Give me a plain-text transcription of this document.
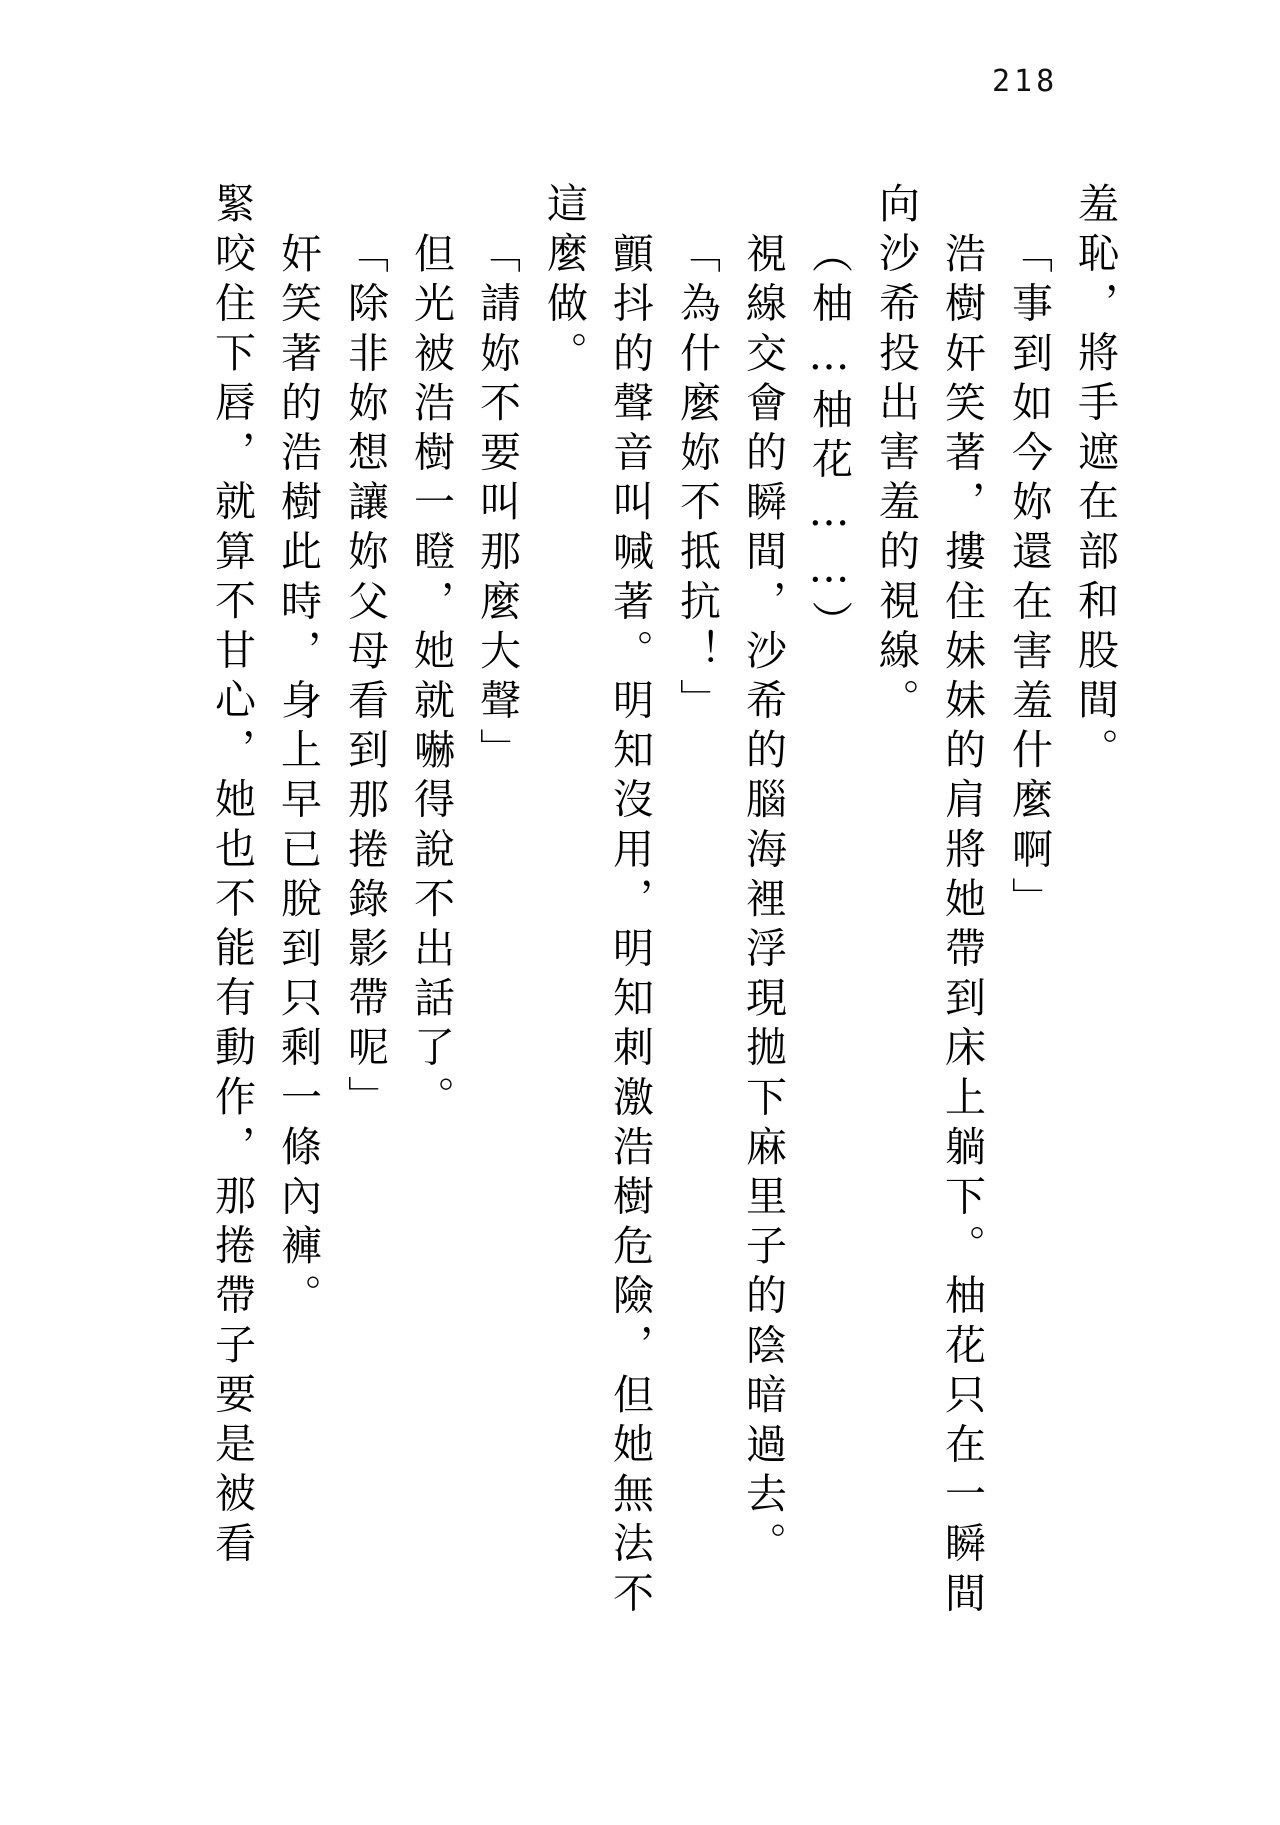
218
羞恥，將手遮在部和股間。
「事到如今妳還在害羞什麼啊」
浩樹奸笑著，摟住妹妹的肩將她帶到床上躺下。柚花只在一瞬間
向沙希投出害羞的視線。
（柚…柚花……）
視線交會的瞬間，沙希的腦海裡浮現拋下麻里子的陰暗過去。
「為什麼妳不抵抗！」
顫抖的聲音叫喊著。明知沒用，明知刺激浩樹危險，但她無法不
這麼做。
「請妳不要叫那麼大聲」
但光被浩樹一瞪，她就嚇得說不出話了。
「除非妳想讓妳父母看到那捲錄影帶呢」
奸笑著的浩樹此時，身上早已脫到只剩一條內褲。
緊咬住下唇，就算不甘心，她也不能有動作，那捲帶子要是被看
